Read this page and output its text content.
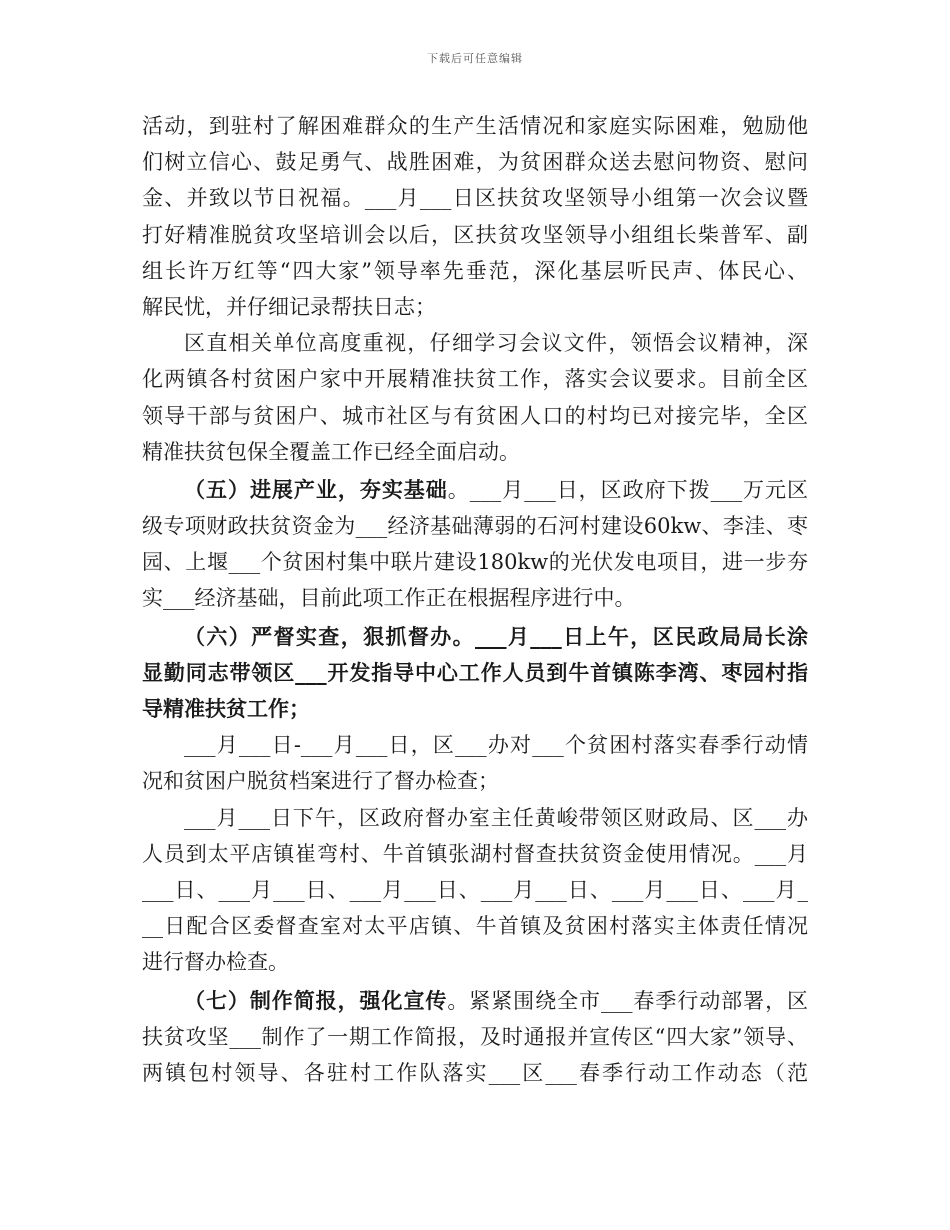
下载后可任意编辑
活动，到驻村了解困难群众的生产生活情况和家庭实际困难，勉励他
们树立信心、鼓足勇气、战胜困难，为贫困群众送去慰问物资、慰问
金、并致以节日祝福。___月___日区扶贫攻坚领导小组第一次会议暨
打好精准脱贫攻坚培训会以后，区扶贫攻坚领导小组组长柴普军、副
组长许万红等“四大家”领导率先垂范，深化基层听民声、体民心、
解民忧，并仔细记录帮扶日志；
区直相关单位高度重视，仔细学习会议文件，领悟会议精神，深
化两镇各村贫困户家中开展精准扶贫工作，落实会议要求。目前全区
领导干部与贫困户、城市社区与有贫困人口的村均已对接完毕，全区
精准扶贫包保全覆盖工作已经全面启动。
（五）进展产业，夯实基础。___月___日，区政府下拨___万元区
级专项财政扶贫资金为___经济基础薄弱的石河村建设60kw、李洼、枣
园、上堰___个贫困村集中联片建设180kw的光伏发电项目，进一步夯
实___经济基础，目前此项工作正在根据程序进行中。
（六）严督实查，狠抓督办。___月___日上午，区民政局局长涂
显勤同志带领区___开发指导中心工作人员到牛首镇陈李湾、枣园村指
导精准扶贫工作；
___月___日-___月___日，区___办对___个贫困村落实春季行动情
况和贫困户脱贫档案进行了督办检查；
___月___日下午，区政府督办室主任黄峻带领区财政局、区___办
人员到太平店镇崔弯村、牛首镇张湖村督查扶贫资金使用情况。___月
___日、___月___日、___月___日、___月___日、___月___日、___月_
__日配合区委督查室对太平店镇、牛首镇及贫困村落实主体责任情况
进行督办检查。
（七）制作简报，强化宣传。紧紧围绕全市___春季行动部署，区
扶贫攻坚___制作了一期工作简报，及时通报并宣传区“四大家”领导、
两镇包村领导、各驻村工作队落实___区___春季行动工作动态（范
